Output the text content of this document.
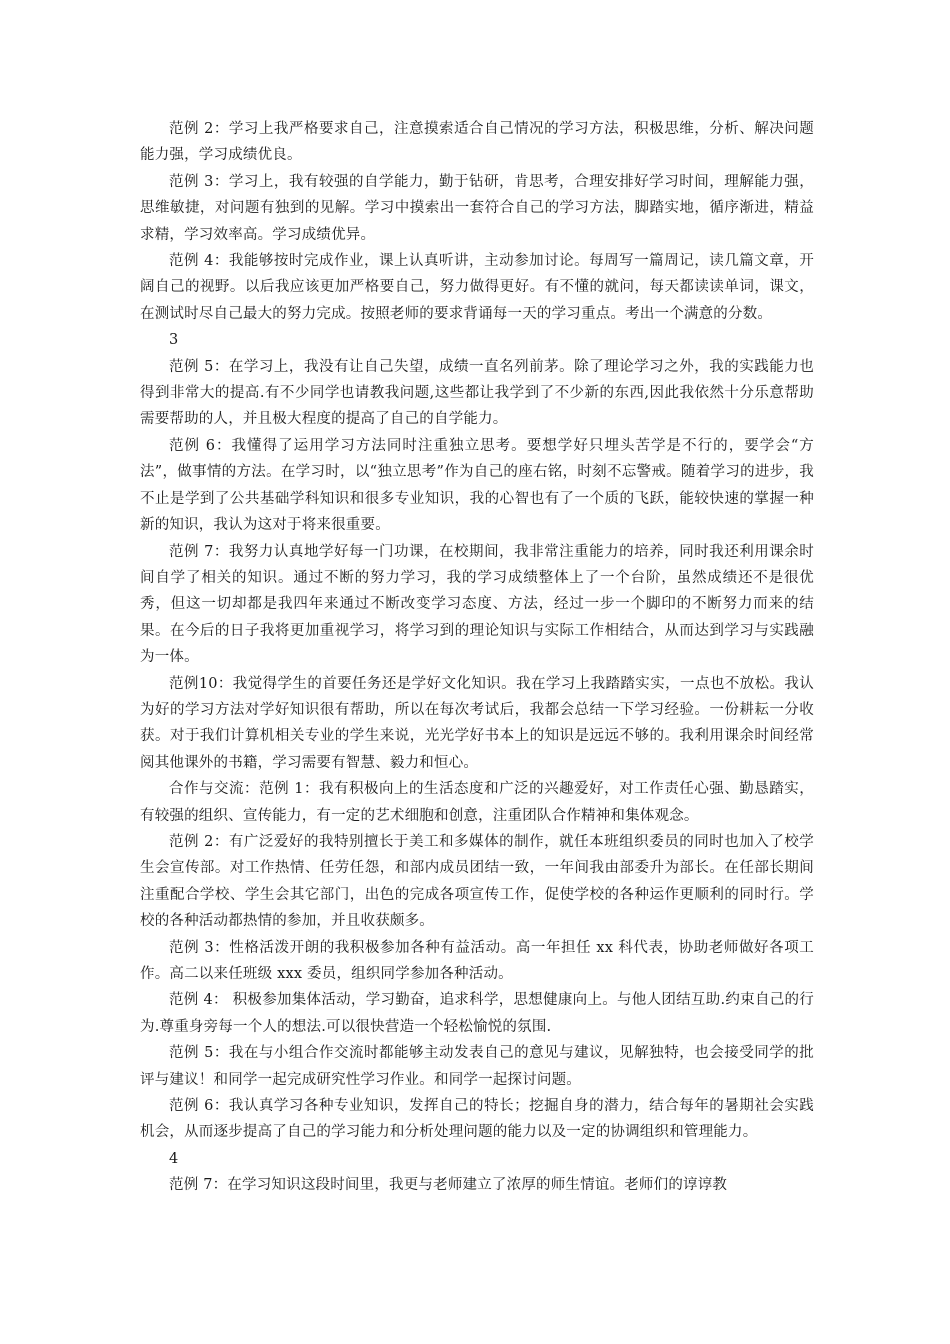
范例 2：学习上我严格要求自己，注意摸索适合自己情况的学习方法，积极思维，分析、解决问题能力强，学习成绩优良。

范例 3：学习上，我有较强的自学能力，勤于钻研，肯思考，合理安排好学习时间，理解能力强，思维敏捷，对问题有独到的见解。学习中摸索出一套符合自己的学习方法，脚踏实地，循序渐进，精益求精，学习效率高。学习成绩优异。

范例 4：我能够按时完成作业，课上认真听讲，主动参加讨论。每周写一篇周记，读几篇文章，开阔自己的视野。以后我应该更加严格要自己，努力做得更好。有不懂的就问，每天都读读单词，课文，在测试时尽自己最大的努力完成。按照老师的要求背诵每一天的学习重点。考出一个满意的分数。

3

范例 5：在学习上，我没有让自己失望，成绩一直名列前茅。除了理论学习之外，我的实践能力也得到非常大的提高.有不少同学也请教我问题,这些都让我学到了不少新的东西,因此我依然十分乐意帮助需要帮助的人，并且极大程度的提高了自己的自学能力。

范例 6：我懂得了运用学习方法同时注重独立思考。要想学好只埋头苦学是不行的，要学会“方法”，做事情的方法。在学习时，以“独立思考”作为自己的座右铭，时刻不忘警戒。随着学习的进步，我不止是学到了公共基础学科知识和很多专业知识，我的心智也有了一个质的飞跃，能较快速的掌握一种新的知识，我认为这对于将来很重要。

范例 7：我努力认真地学好每一门功课，在校期间，我非常注重能力的培养，同时我还利用课余时间自学了相关的知识。通过不断的努力学习，我的学习成绩整体上了一个台阶，虽然成绩还不是很优秀，但这一切却都是我四年来通过不断改变学习态度、方法，经过一步一个脚印的不断努力而来的结果。在今后的日子我将更加重视学习，将学习到的理论知识与实际工作相结合，从而达到学习与实践融为一体。

范例10：我觉得学生的首要任务还是学好文化知识。我在学习上我踏踏实实，一点也不放松。我认为好的学习方法对学好知识很有帮助，所以在每次考试后，我都会总结一下学习经验。一份耕耘一分收获。对于我们计算机相关专业的学生来说，光光学好书本上的知识是远远不够的。我利用课余时间经常阅其他课外的书籍，学习需要有智慧、毅力和恒心。

合作与交流：范例 1：我有积极向上的生活态度和广泛的兴趣爱好，对工作责任心强、勤恳踏实，有较强的组织、宣传能力，有一定的艺术细胞和创意，注重团队合作精神和集体观念。

范例 2：有广泛爱好的我特别擅长于美工和多媒体的制作，就任本班组织委员的同时也加入了校学生会宣传部。对工作热情、任劳任怨，和部内成员团结一致，一年间我由部委升为部长。在任部长期间注重配合学校、学生会其它部门，出色的完成各项宣传工作，促使学校的各种运作更顺利的同时行。学校的各种活动都热情的参加，并且收获颇多。

范例 3：性格活泼开朗的我积极参加各种有益活动。高一年担任 xx 科代表，协助老师做好各项工作。高二以来任班级 xxx 委员，组织同学参加各种活动。

范例 4： 积极参加集体活动，学习勤奋，追求科学，思想健康向上。与他人团结互助.约束自己的行为.尊重身旁每一个人的想法.可以很快营造一个轻松愉悦的氛围.

范例 5：我在与小组合作交流时都能够主动发表自己的意见与建议，见解独特，也会接受同学的批评与建议！和同学一起完成研究性学习作业。和同学一起探讨问题。

范例 6：我认真学习各种专业知识，发挥自己的特长；挖掘自身的潜力，结合每年的暑期社会实践机会，从而逐步提高了自己的学习能力和分析处理问题的能力以及一定的协调组织和管理能力。

4

范例 7：在学习知识这段时间里，我更与老师建立了浓厚的师生情谊。老师们的谆谆教
